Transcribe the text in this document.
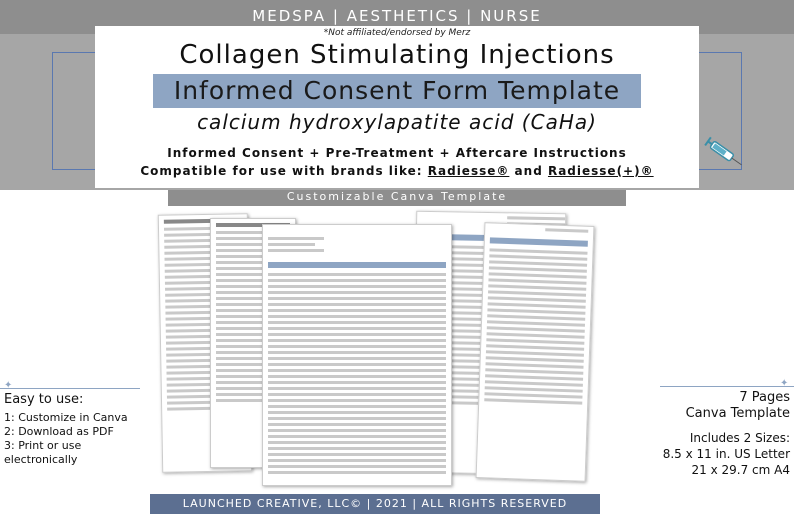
MEDSPA | AESTHETICS | NURSE
*Not affiliated/endorsed by Merz
Collagen Stimulating Injections
Informed Consent Form Template
calcium hydroxylapatite acid (CaHa)
Informed Consent + Pre-Treatment + Aftercare Instructions
Compatible for use with brands like: Radiesse® and Radiesse(+)®
Customizable Canva Template
✦
Easy to use:
1: Customize in Canva
2: Download as PDF
3: Print or use
electronically
✦
7 Pages
Canva Template
Includes 2 Sizes:
8.5 x 11 in. US Letter
21 x 29.7 cm A4
LAUNCHED CREATIVE, LLC© | 2021 | ALL RIGHTS RESERVED
